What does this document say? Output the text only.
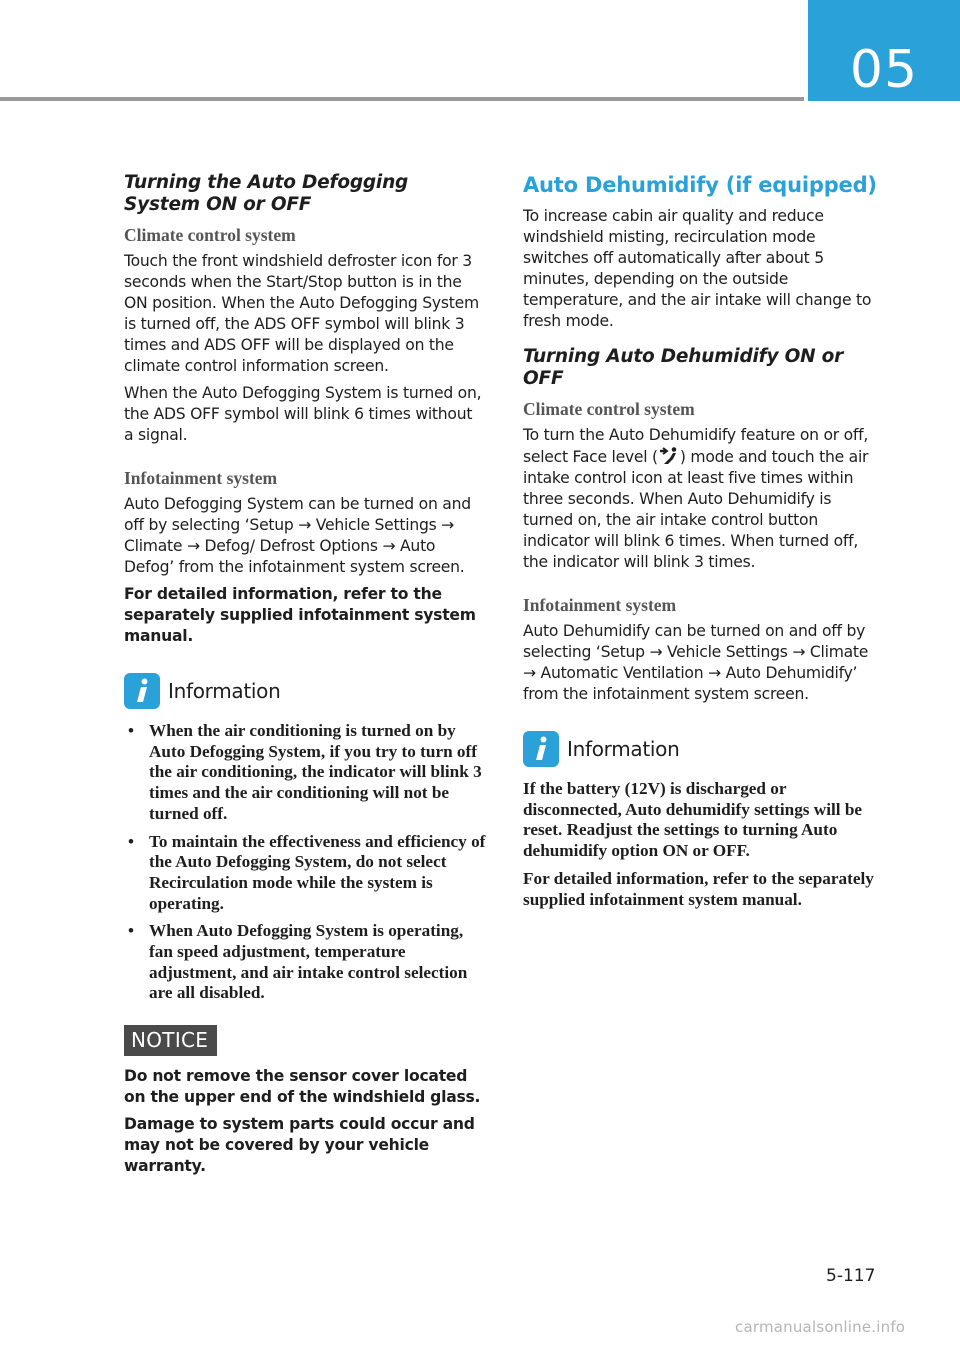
05
Turning the Auto Defogging System ON or OFF
Climate control system

Touch the front windshield defroster icon for 3 seconds when the Start/Stop button is in the ON position. When the Auto Defogging System is turned off, the ADS OFF symbol will blink 3 times and ADS OFF will be displayed on the climate control information screen.

When the Auto Defogging System is turned on, the ADS OFF symbol will blink 6 times without a signal.

Infotainment system

Auto Defogging System can be turned on and off by selecting ‘Setup → Vehicle Settings → Climate → Defog/ Defrost Options → Auto Defog’ from the infotainment system screen.

For detailed information, refer to the separately supplied infotainment system manual.

Information
• When the air conditioning is turned on by Auto Defogging System, if you try to turn off the air conditioning, the indicator will blink 3 times and the air conditioning will not be turned off.
• To maintain the effectiveness and efficiency of the Auto Defogging System, do not select Recirculation mode while the system is operating.
• When Auto Defogging System is operating, fan speed adjustment, temperature adjustment, and air intake control selection are all disabled.
NOTICE

Do not remove the sensor cover located on the upper end of the windshield glass.

Damage to system parts could occur and may not be covered by your vehicle warranty.

Auto Dehumidify (if equipped)

To increase cabin air quality and reduce windshield misting, recirculation mode switches off automatically after about 5 minutes, depending on the outside temperature, and the air intake will change to fresh mode.

Turning Auto Dehumidify ON or OFF
Climate control system

To turn the Auto Dehumidify feature on or off, select Face level ( ) mode and touch the air intake control icon at least five times within three seconds. When Auto Dehumidify is turned on, the air intake control button indicator will blink 6 times. When turned off, the indicator will blink 3 times.

Infotainment system

Auto Dehumidify can be turned on and off by selecting ‘Setup → Vehicle Settings → Climate → Automatic Ventilation → Auto Dehumidify’ from the infotainment system screen.

Information

If the battery (12V) is discharged or disconnected, Auto dehumidify settings will be reset. Readjust the settings to turning Auto dehumidify option ON or OFF.

For detailed information, refer to the separately supplied infotainment system manual.

5-117
carmanualsonline.info
